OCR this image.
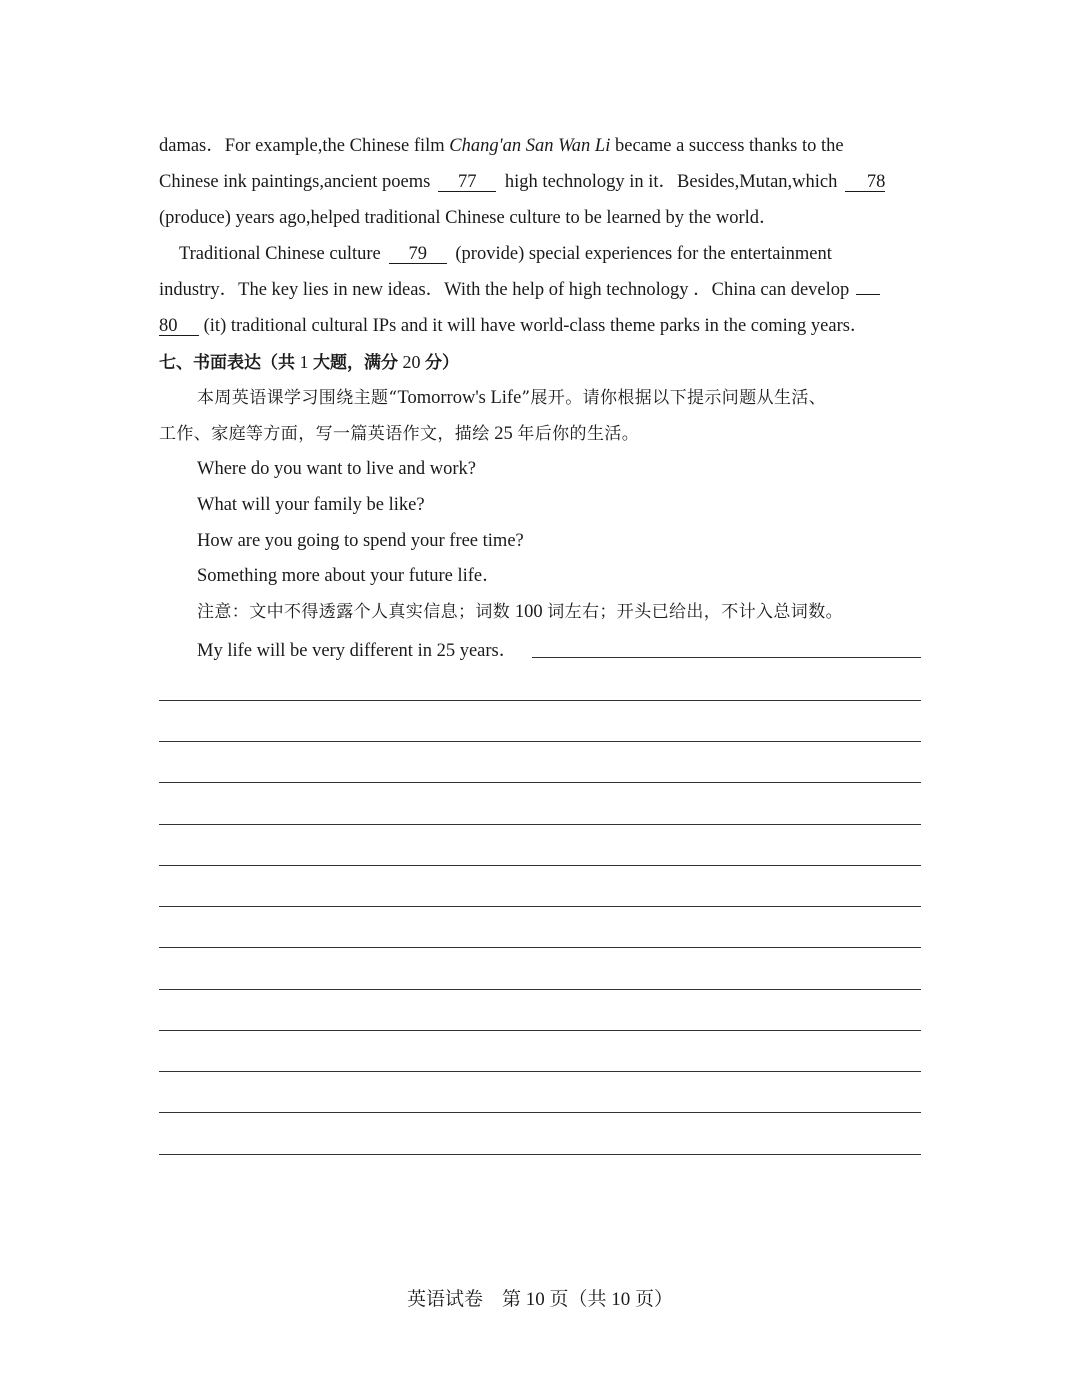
damas．For example,the Chinese film Chang'an San Wan Li became a success thanks to the
Chinese ink paintings,ancient poems 77 high technology in it．Besides,Mutan,which 78
(produce) years ago,helped traditional Chinese culture to be learned by the world．
Traditional Chinese culture 79 (provide) special experiences for the entertainment
industry．The key lies in new ideas．With the help of high technology ．China can develop
80 (it) traditional cultural IPs and it will have world-class theme parks in the coming years．
七、书面表达（共 1 大题，满分 20 分）
本周英语课学习围绕主题“Tomorrow's Life”展开。请你根据以下提示问题从生活、
工作、家庭等方面，写一篇英语作文，描绘 25 年后你的生活。
Where do you want to live and work?
What will your family be like?
How are you going to spend your free time?
Something more about your future life．
注意：文中不得透露个人真实信息；词数 100 词左右；开头已给出，不计入总词数。
My life will be very different in 25 years．
英语试卷　第 10 页（共 10 页）
